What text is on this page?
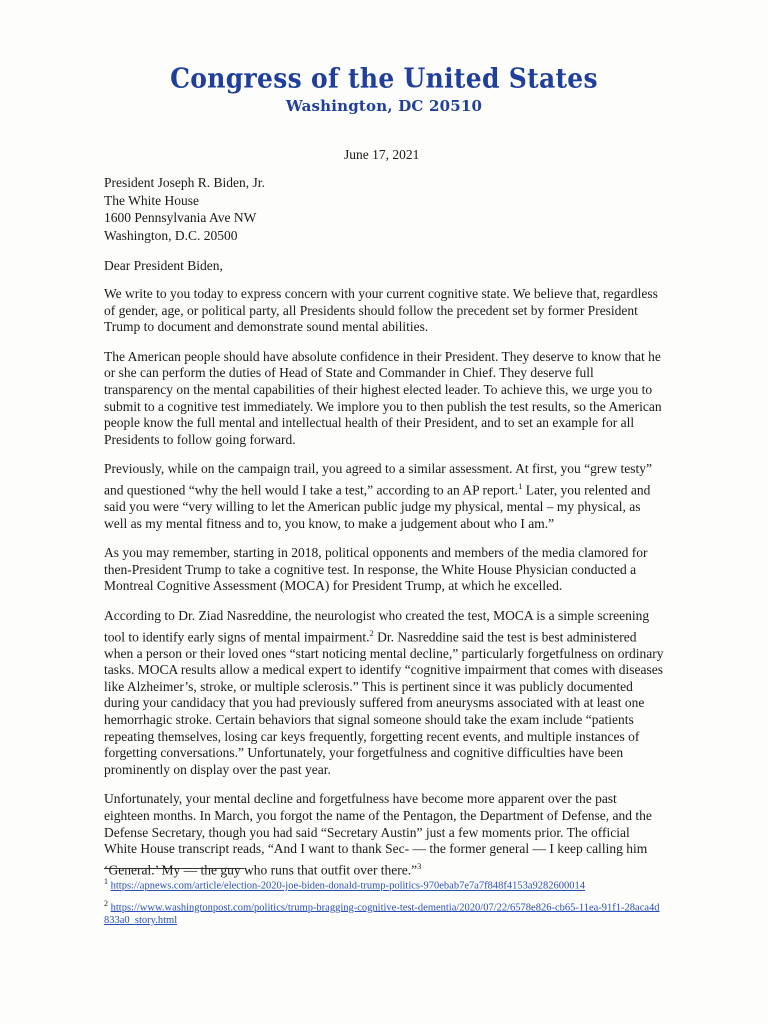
Congress of the United States
Washington, DC 20510
June 17, 2021
President Joseph R. Biden, Jr.
The White House
1600 Pennsylvania Ave NW
Washington, D.C. 20500
Dear President Biden,

We write to you today to express concern with your current cognitive state. We believe that, regardless of gender, age, or political party, all Presidents should follow the precedent set by former President Trump to document and demonstrate sound mental abilities.

The American people should have absolute confidence in their President. They deserve to know that he or she can perform the duties of Head of State and Commander in Chief. They deserve full transparency on the mental capabilities of their highest elected leader. To achieve this, we urge you to submit to a cognitive test immediately. We implore you to then publish the test results, so the American people know the full mental and intellectual health of their President, and to set an example for all Presidents to follow going forward.

Previously, while on the campaign trail, you agreed to a similar assessment. At first, you “grew testy” and questioned “why the hell would I take a test,” according to an AP report.$^1$ Later, you relented and said you were “very willing to let the American public judge my physical, mental – my physical, as well as my mental fitness and to, you know, to make a judgement about who I am.”

As you may remember, starting in 2018, political opponents and members of the media clamored for then-President Trump to take a cognitive test. In response, the White House Physician conducted a Montreal Cognitive Assessment (MOCA) for President Trump, at which he excelled.

According to Dr. Ziad Nasreddine, the neurologist who created the test, MOCA is a simple screening tool to identify early signs of mental impairment.$^2$ Dr. Nasreddine said the test is best administered when a person or their loved ones “start noticing mental decline,” particularly forgetfulness on ordinary tasks. MOCA results allow a medical expert to identify “cognitive impairment that comes with diseases like Alzheimer’s, stroke, or multiple sclerosis.” This is pertinent since it was publicly documented during your candidacy that you had previously suffered from aneurysms associated with at least one hemorrhagic stroke. Certain behaviors that signal someone should take the exam include “patients repeating themselves, losing car keys frequently, forgetting recent events, and multiple instances of forgetting conversations.” Unfortunately, your forgetfulness and cognitive difficulties have been prominently on display over the past year.

Unfortunately, your mental decline and forgetfulness have become more apparent over the past eighteen months. In March, you forgot the name of the Pentagon, the Department of Defense, and the Defense Secretary, though you had said “Secretary Austin” just a few moments prior. The official White House transcript reads, “And I want to thank Sec- — the former general — I keep calling him ‘General.’ My — the guy who runs that outfit over there.”$^3$

$^1$ https://apnews.com/article/election-2020-joe-biden-donald-trump-politics-970ebab7e7a7f848f4153a9282600014
$^2$ https://www.washingtonpost.com/politics/trump-bragging-cognitive-test-dementia/2020/07/22/6578e826-cb65-11ea-91f1-28aca4d833a0_story.html
